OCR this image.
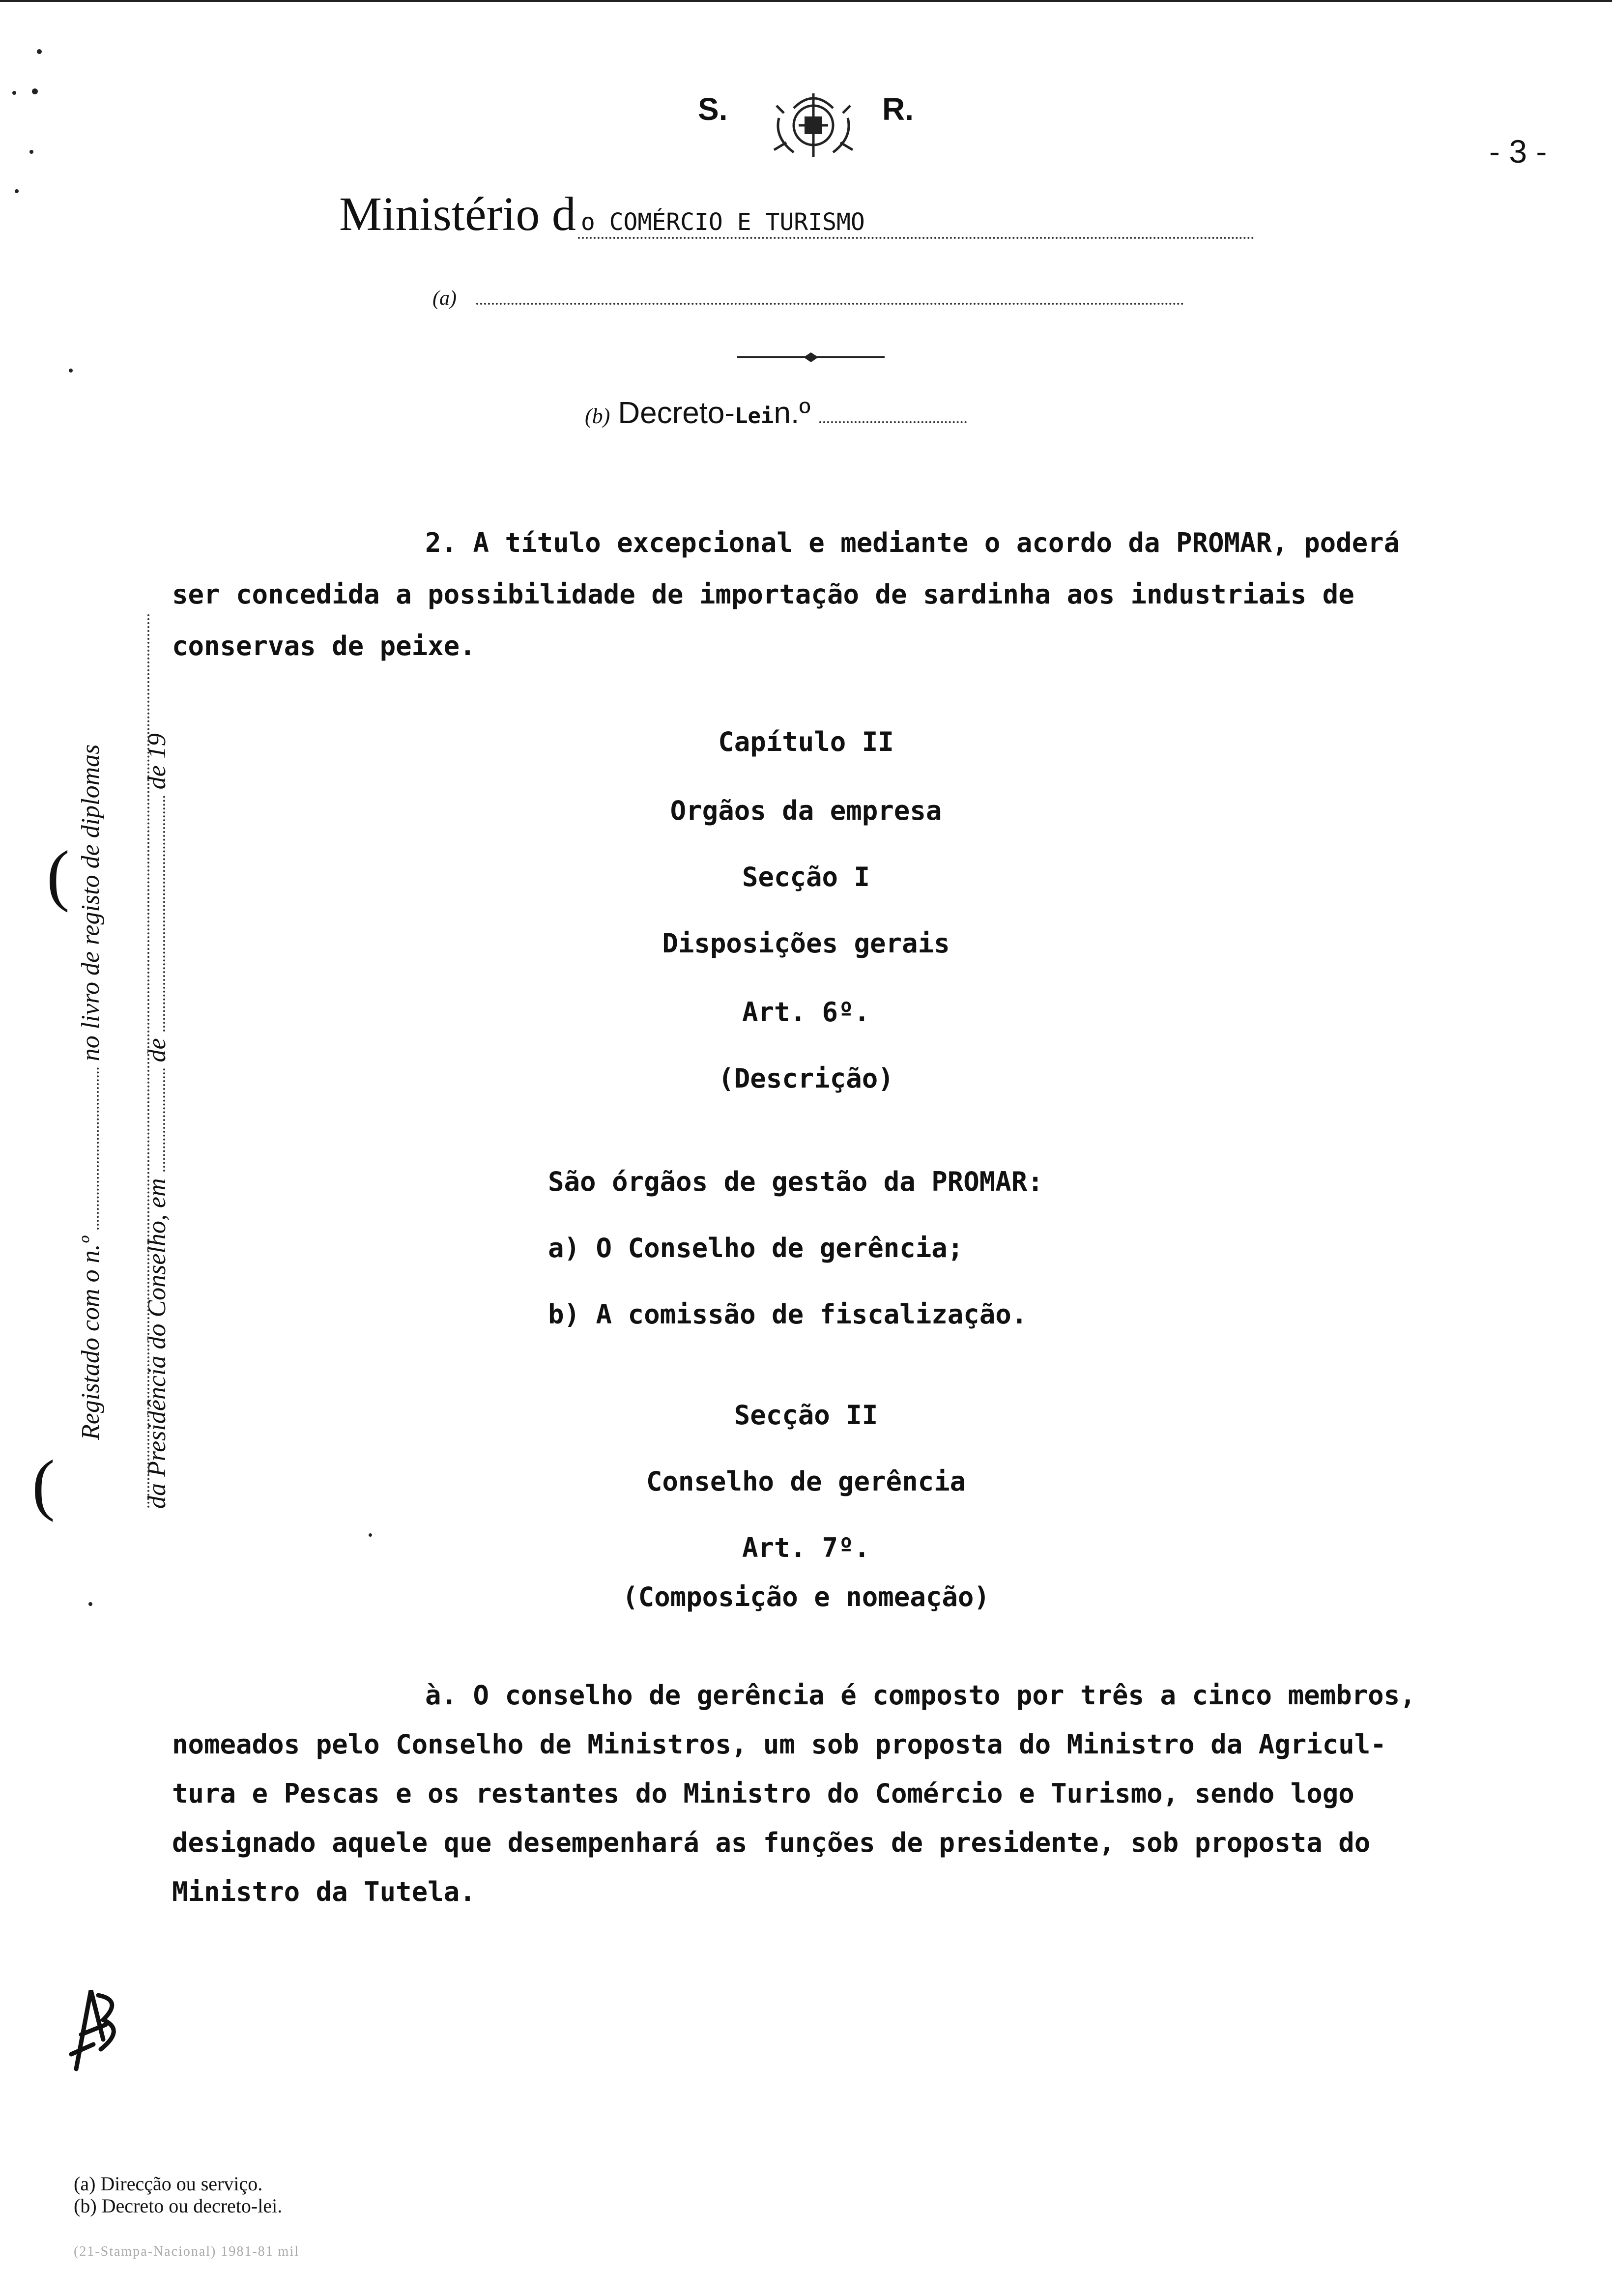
S.	R.
- 3 -
Ministério d o COMÉRCIO E TURISMO
(a)
(b) Decreto- Lei n.º
Registado com o n.º  no livro de registo de diplomas
da Presidência do Conselho, em  de  de 19
(
(
2. A título excepcional e mediante o acordo da PROMAR, poderá
ser concedida a possibilidade de importação de sardinha aos industriais de
conservas de peixe.
Capítulo II
Orgãos da empresa
Secção I
Disposições gerais
Art. 6º.
(Descrição)
São órgãos de gestão da PROMAR:
a) O Conselho de gerência;
b) A comissão de fiscalização.
Secção II
Conselho de gerência
Art. 7º.
(Composição e nomeação)
à. O conselho de gerência é composto por três a cinco membros,
nomeados pelo Conselho de Ministros, um sob proposta do Ministro da Agricul-
tura e Pescas e os restantes do Ministro do Comércio e Turismo, sendo logo
designado aquele que desempenhará as funções de presidente, sob proposta do
Ministro da Tutela.
(a) Direcção ou serviço.
(b) Decreto ou decreto-lei.
(21-Stampa-Nacional) 1981-81 mil
